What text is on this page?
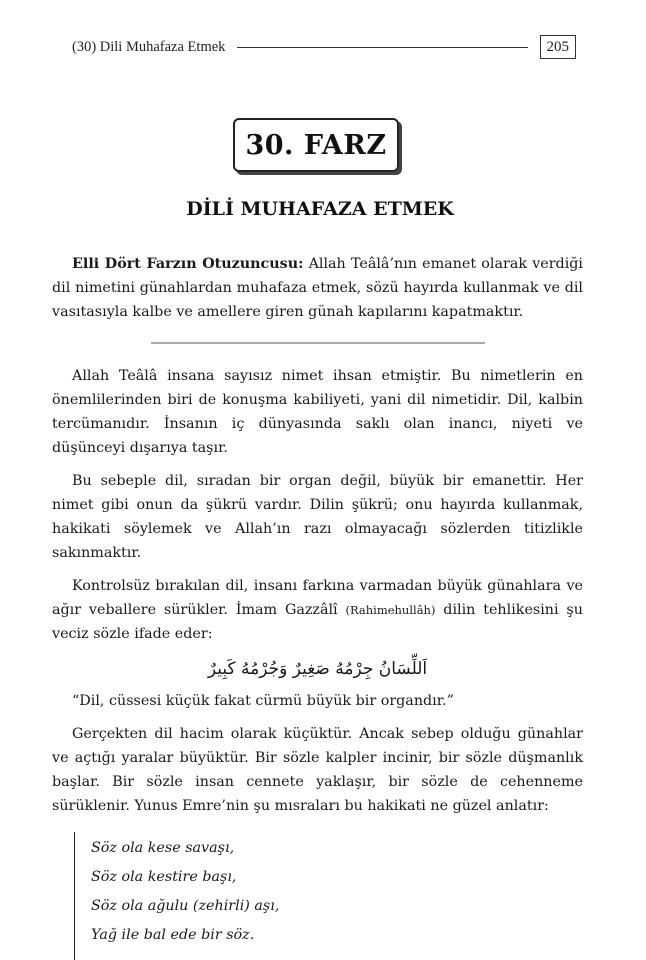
(30) Dili Muhafaza Etmek	205
30. FARZ
DİLİ MUHAFAZA ETMEK

Elli Dört Farzın Otuzuncusu: Allah Teâlâ’nın emanet olarak verdiği dil nimetini günahlardan muhafaza etmek, sözü hayırda kullanmak ve dil vasıtasıyla kalbe ve amellere giren günah kapılarını kapatmaktır.

Allah Teâlâ insana sayısız nimet ihsan etmiştir. Bu nimetlerin en önemlilerinden biri de konuşma kabiliyeti, yani dil nimetidir. Dil, kalbin tercümanıdır. İnsanın iç dünyasında saklı olan inancı, niyeti ve düşünceyi dışarıya taşır.

Bu sebeple dil, sıradan bir organ değil, büyük bir emanettir. Her nimet gibi onun da şükrü vardır. Dilin şükrü; onu hayırda kullanmak, hakikati söylemek ve Allah’ın razı olmayacağı sözlerden titizlikle sakınmaktır.

Kontrolsüz bırakılan dil, insanı farkına varmadan büyük günahlara ve ağır veballere sürükler. İmam Gazzâlî (Rahimehullâh) dilin tehlikesini şu veciz sözle ifade eder:

اَللِّسَانُ جِرْمُهُ صَغِيرٌ وَجُرْمُهُ كَبِيرٌ

“Dil, cüssesi küçük fakat cürmü büyük bir organdır.”

Gerçekten dil hacim olarak küçüktür. Ancak sebep olduğu günahlar ve açtığı yaralar büyüktür. Bir sözle kalpler incinir, bir sözle düşmanlık başlar. Bir sözle insan cennete yaklaşır, bir sözle de cehenneme sürüklenir. Yunus Emre’nin şu mısraları bu hakikati ne güzel anlatır:

Söz ola kese savaşı,
Söz ola kestire başı,
Söz ola ağulu (zehirli) aşı,
Yağ ile bal ede bir söz.
